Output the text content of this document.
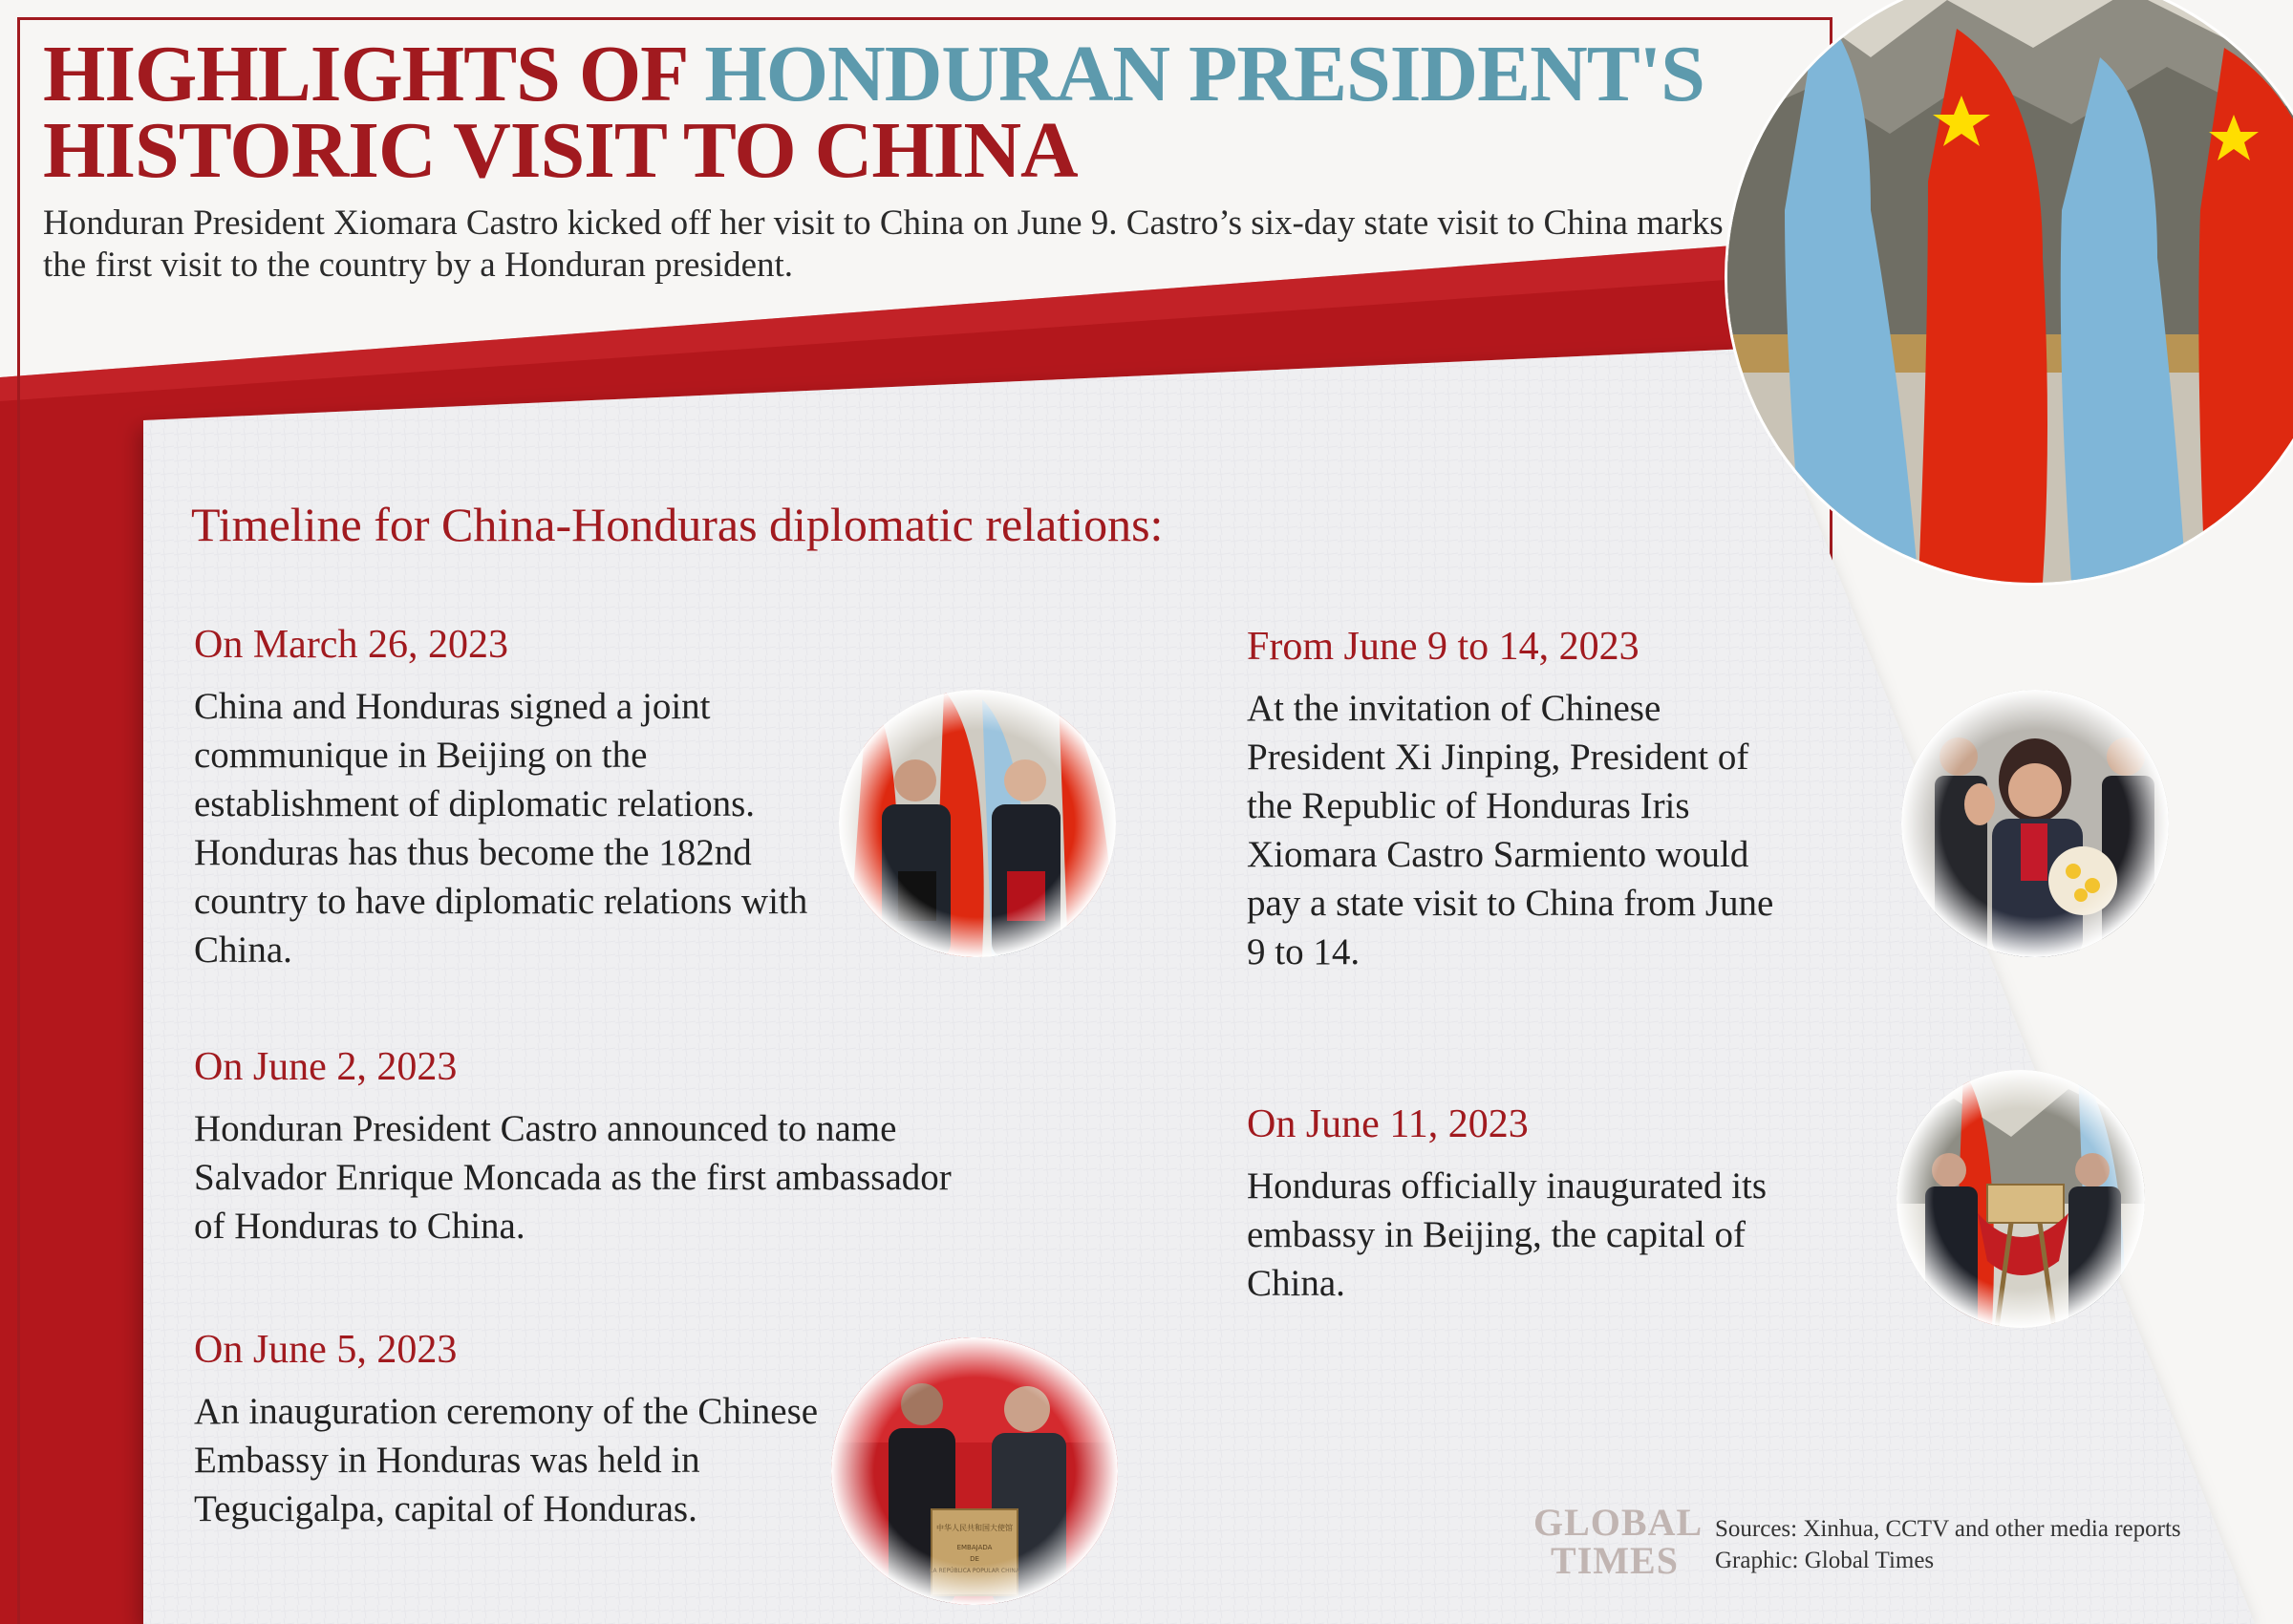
HIGHLIGHTS OF HONDURAN PRESIDENT'S
HISTORIC VISIT TO CHINA

Honduran President Xiomara Castro kicked off her visit to China on June 9. Castro’s six-day state visit to China marks the first visit to the country by a Honduran president.

Timeline for China-Honduras diplomatic relations:

On March 26, 2023

China and Honduras signed a joint communique in Beijing on the establishment of diplomatic relations. Honduras has thus become the 182nd country to have diplomatic relations with China.

On June 2, 2023

Honduran President Castro announced to name Salvador Enrique Moncada as the first ambassador of Honduras to China.

On June 5, 2023

An inauguration ceremony of the Chinese Embassy in Honduras was held in Tegucigalpa, capital of Honduras.

From June 9 to 14, 2023

At the invitation of Chinese President Xi Jinping, President of the Republic of Honduras Iris Xiomara Castro Sarmiento would pay a state visit to China from June 9 to 14.

On June 11, 2023

Honduras officially inaugurated its embassy in Beijing, the capital of China.

GLOBAL
TIMES
Sources: Xinhua, CCTV and other media reports
Graphic: Global Times
